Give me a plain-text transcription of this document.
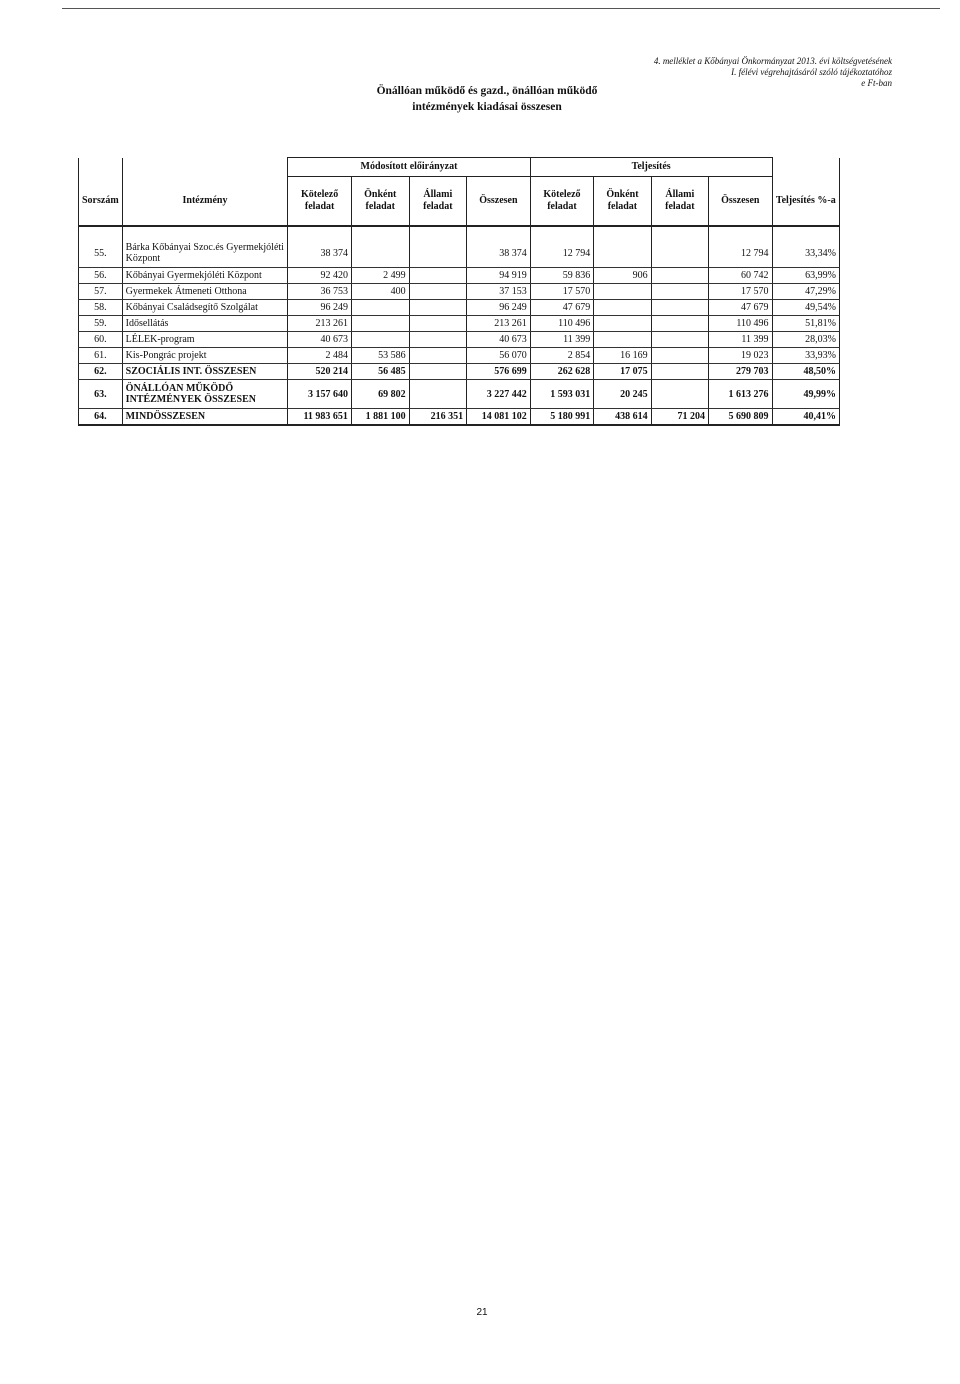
4. melléklet a Kőbányai Önkormányzat 2013. évi költségvetésének
I. félévi végrehajtásáról szóló tájékoztatóhoz
e Ft-ban
Önállóan működő és gazd., önállóan működő
intézmények kiadásai összesen
		Módosított előirányzat				Teljesítés				
Sorszám	Intézmény	Kötelező feladat	Önként feladat	Állami feladat	Összesen	Kötelező feladat	Önként feladat	Állami feladat	Összesen	Teljesítés %-a

55.	Bárka Kőbányai Szoc.és Gyermekjóléti Központ	38 374			38 374	12 794			12 794	33,34%
56.	Kőbányai Gyermekjóléti Központ	92 420	2 499		94 919	59 836	906		60 742	63,99%
57.	Gyermekek Átmeneti Otthona	36 753	400		37 153	17 570			17 570	47,29%
58.	Kőbányai Családsegítő Szolgálat	96 249			96 249	47 679			47 679	49,54%
59.	Idősellátás	213 261			213 261	110 496			110 496	51,81%
60.	LÉLEK-program	40 673			40 673	11 399			11 399	28,03%
61.	Kis-Pongrác projekt	2 484	53 586		56 070	2 854	16 169		19 023	33,93%
62.	SZOCIÁLIS INT. ÖSSZESEN	520 214	56 485		576 699	262 628	17 075		279 703	48,50%
63.	ÖNÁLLÓAN MŰKÖDŐ INTÉZMÉNYEK ÖSSZESEN	3 157 640	69 802		3 227 442	1 593 031	20 245		1 613 276	49,99%
64.	MINDÖSSZESEN	11 983 651	1 881 100	216 351	14 081 102	5 180 991	438 614	71 204	5 690 809	40,41%
21
